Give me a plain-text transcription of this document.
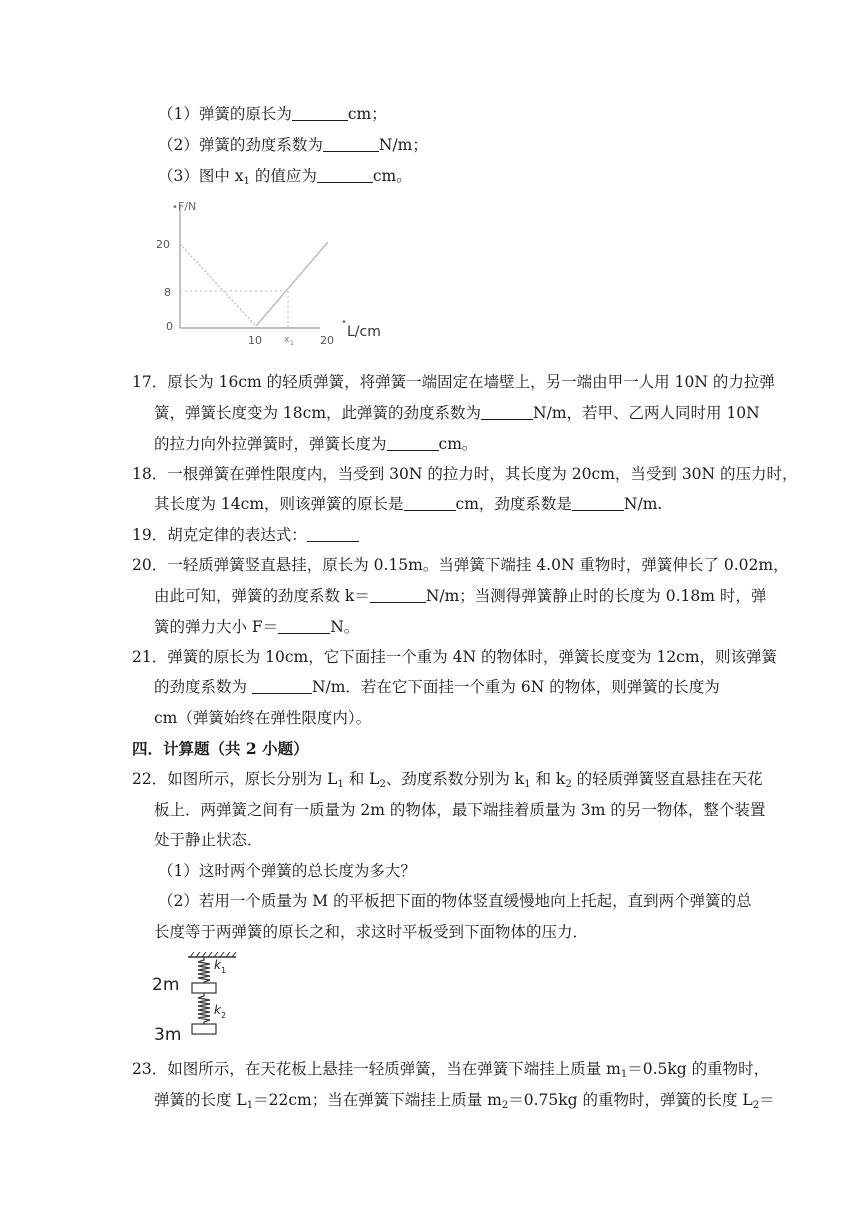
（1）弹簧的原长为	cm；
（2）弹簧的劲度系数为	N/m；
（3）图中 $x_1$ 的值应为	cm。
• F/N
20
8
0
10 x 1 20
•
L/cm
17．原长为 16cm 的轻质弹簧，将弹簧一端固定在墙壁上，另一端由甲一人用 10N 的力拉弹
簧，弹簧长度变为 18cm，此弹簧的劲度系数为	N/m，若甲、乙两人同时用 10N
的拉力向外拉弹簧时，弹簧长度为	cm。
18．一根弹簧在弹性限度内，当受到 30N 的拉力时，其长度为 20cm，当受到 30N 的压力时，
其长度为 14cm，则该弹簧的原长是	cm，劲度系数是	N/m.
19．胡克定律的表达式：
20．一轻质弹簧竖直悬挂，原长为 0.15m。当弹簧下端挂 4.0N 重物时，弹簧伸长了 0.02m，
由此可知，弹簧的劲度系数 k＝	N/m；当测得弹簧静止时的长度为 0.18m 时，弹
簧的弹力大小 F＝	N。
21．弹簧的原长为 10cm，它下面挂一个重为 4N 的物体时，弹簧长度变为 12cm，则该弹簧
的劲度系数为	N/m．若在它下面挂一个重为 6N 的物体，则弹簧的长度为
cm（弹簧始终在弹性限度内）。
四．计算题（共 2 小题）
22．如图所示，原长分别为 $L_1$ 和 $L_2$、劲度系数分别为 $k_1$ 和 $k_2$ 的轻质弹簧竖直悬挂在天花
板上．两弹簧之间有一质量为 2m 的物体，最下端挂着质量为 3m 的另一物体，整个装置
处于静止状态．
（1）这时两个弹簧的总长度为多大？
（2）若用一个质量为 M 的平板把下面的物体竖直缓慢地向上托起，直到两个弹簧的总
长度等于两弹簧的原长之和，求这时平板受到下面物体的压力．
k 1
2m
k 2
3m
23．如图所示，在天花板上悬挂一轻质弹簧，当在弹簧下端挂上质量 $m_1=0.5kg$ 的重物时，
弹簧的长度 $L_1=22cm$；当在弹簧下端挂上质量 $m_2=0.75kg$ 的重物时，弹簧的长度 $L_2=$
